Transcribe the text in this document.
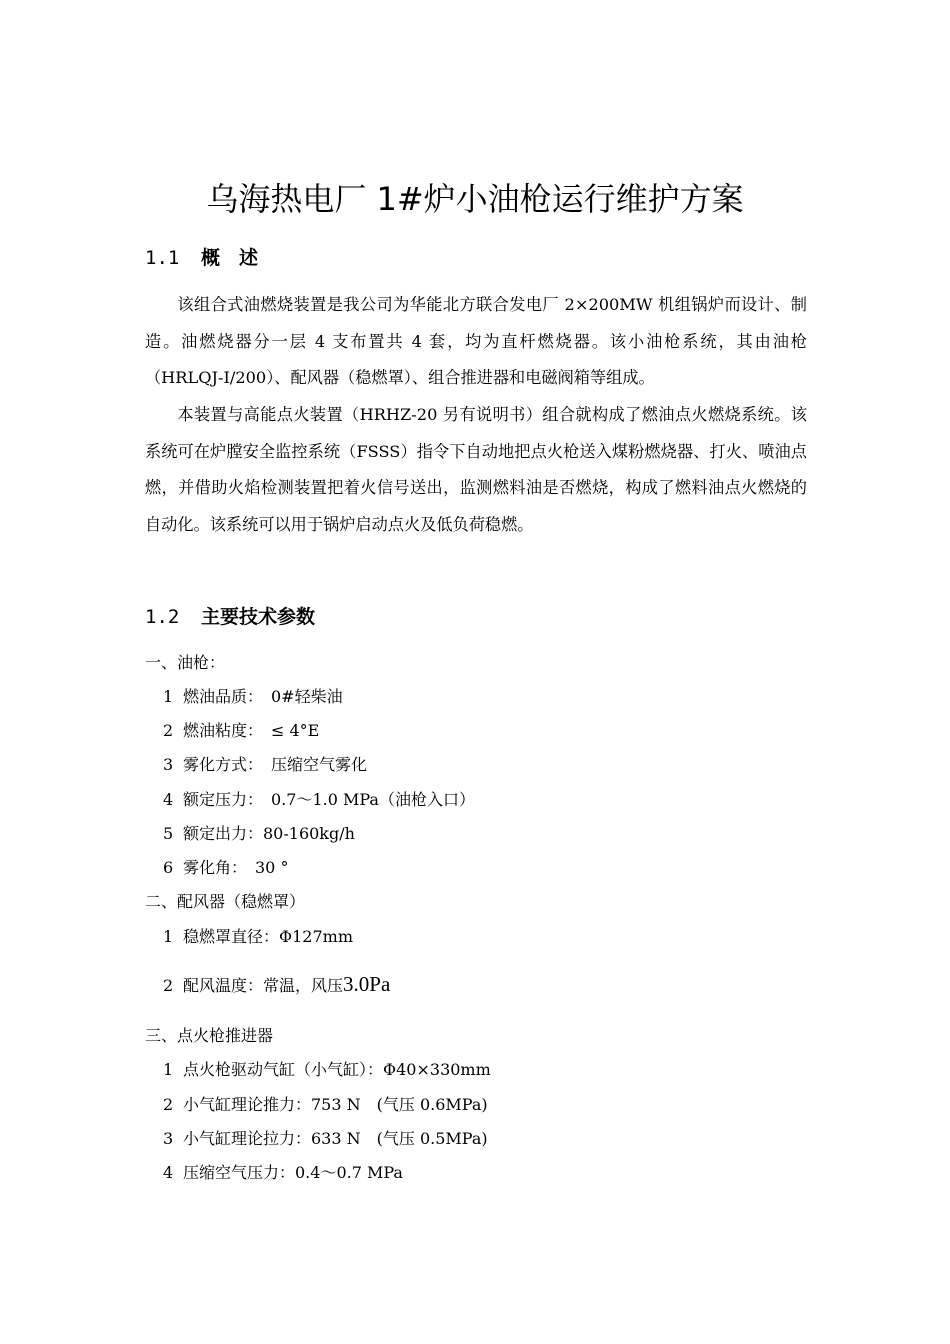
乌海热电厂 1#炉小油枪运行维护方案
1.1 概　述

该组合式油燃烧装置是我公司为华能北方联合发电厂 2×200MW 机组锅炉而设计、制造。油燃烧器分一层 4 支布置共 4 套，均为直杆燃烧器。该小油枪系统，其由油枪（HRLQJ-Ⅰ/200）、配风器（稳燃罩）、组合推进器和电磁阀箱等组成。

本装置与高能点火装置（HRHZ-20 另有说明书）组合就构成了燃油点火燃烧系统。该系统可在炉膛安全监控系统（FSSS）指令下自动地把点火枪送入煤粉燃烧器、打火、喷油点燃，并借助火焰检测装置把着火信号送出，监测燃料油是否燃烧，构成了燃料油点火燃烧的自动化。该系统可以用于锅炉启动点火及低负荷稳燃。

1.2 主要技术参数

一、油枪：

1 燃油品质：　0#轻柴油

2 燃油粘度：　≤ 4°E

3 雾化方式：　压缩空气雾化

4 额定压力：　0.7～1.0 MPa（油枪入口）

5 额定出力：80-160kg/h

6 雾化角：　30 °

二、配风器（稳燃罩）

1 稳燃罩直径：Φ127mm

2 配风温度：常温，风压3.0Pa

三、点火枪推进器

1 点火枪驱动气缸（小气缸）：Φ40×330mm

2 小气缸理论推力：753 N　(气压 0.6MPa)

3 小气缸理论拉力：633 N　(气压 0.5MPa)

4 压缩空气压力：0.4～0.7 MPa
